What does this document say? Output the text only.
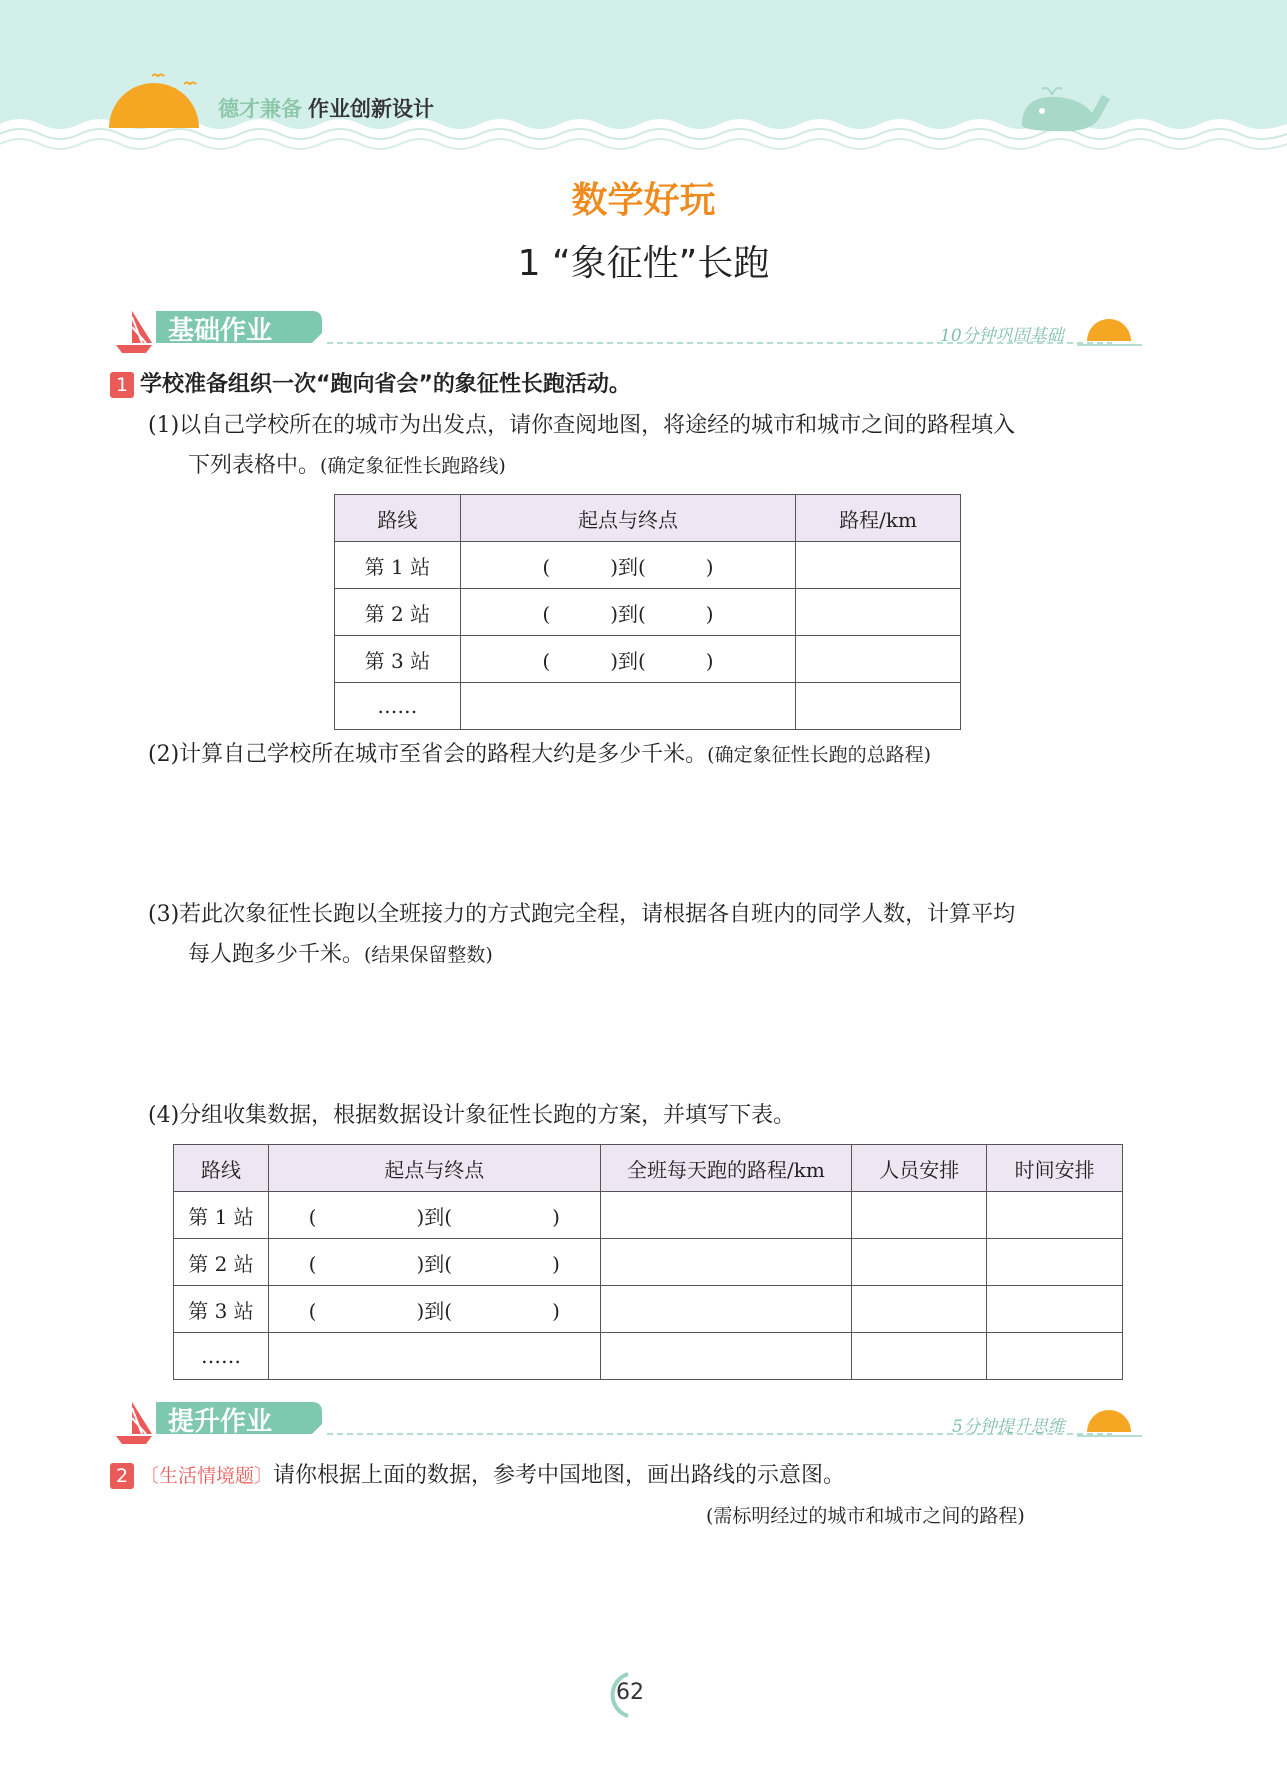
德才兼备 作业创新设计
数学好玩
1 “象征性”长跑
基础作业	10分钟巩固基础
1 学校准备组织一次“跑向省会”的象征性长跑活动。
(1)以自己学校所在的城市为出发点，请你查阅地图，将途经的城市和城市之间的路程填入
下列表格中。(确定象征性长跑路线)
路线	起点与终点	路程/km
第 1 站	(　　　)到(　　　)	
第 2 站	(　　　)到(　　　)	
第 3 站	(　　　)到(　　　)	
……		
(2)计算自己学校所在城市至省会的路程大约是多少千米。(确定象征性长跑的总路程)
(3)若此次象征性长跑以全班接力的方式跑完全程，请根据各自班内的同学人数，计算平均
每人跑多少千米。(结果保留整数)
(4)分组收集数据，根据数据设计象征性长跑的方案，并填写下表。
路线	起点与终点	全班每天跑的路程/km	人员安排	时间安排
第 1 站	(　　　　　)到(　　　　　)			
第 2 站	(　　　　　)到(　　　　　)			
第 3 站	(　　　　　)到(　　　　　)			
……				
提升作业	5分钟提升思维
2 〔生活情境题〕请你根据上面的数据，参考中国地图，画出路线的示意图。
(需标明经过的城市和城市之间的路程)
62
